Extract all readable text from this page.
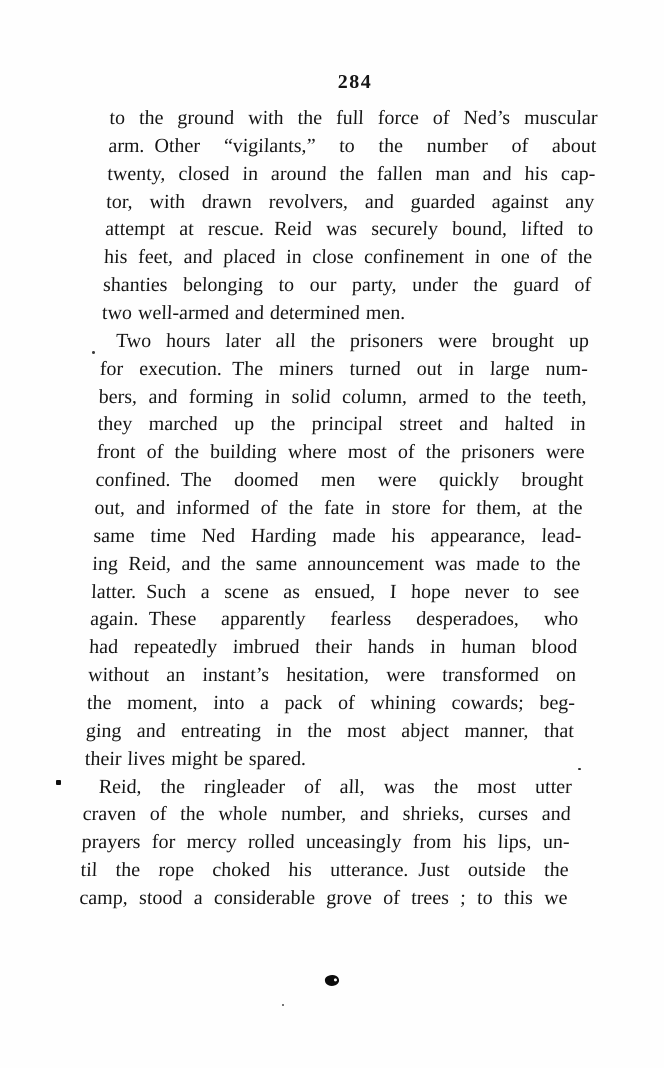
284
to the ground with the full force of Ned’s muscular
arm. Other “vigilants,” to the number of about
twenty, closed in around the fallen man and his cap-
tor, with drawn revolvers, and guarded against any
attempt at rescue. Reid was securely bound, lifted to
his feet, and placed in close confinement in one of the
shanties belonging to our party, under the guard of
two well-armed and determined men.
Two hours later all the prisoners were brought up
for execution. The miners turned out in large num-
bers, and forming in solid column, armed to the teeth,
they marched up the principal street and halted in
front of the building where most of the prisoners were
confined. The doomed men were quickly brought
out, and informed of the fate in store for them, at the
same time Ned Harding made his appearance, lead-
ing Reid, and the same announcement was made to the
latter. Such a scene as ensued, I hope never to see
again. These apparently fearless desperadoes, who
had repeatedly imbrued their hands in human blood
without an instant’s hesitation, were transformed on
the moment, into a pack of whining cowards; beg-
ging and entreating in the most abject manner, that
their lives might be spared.
Reid, the ringleader of all, was the most utter
craven of the whole number, and shrieks, curses and
prayers for mercy rolled unceasingly from his lips, un-
til the rope choked his utterance. Just outside the
camp, stood a considerable grove of trees ; to this we
